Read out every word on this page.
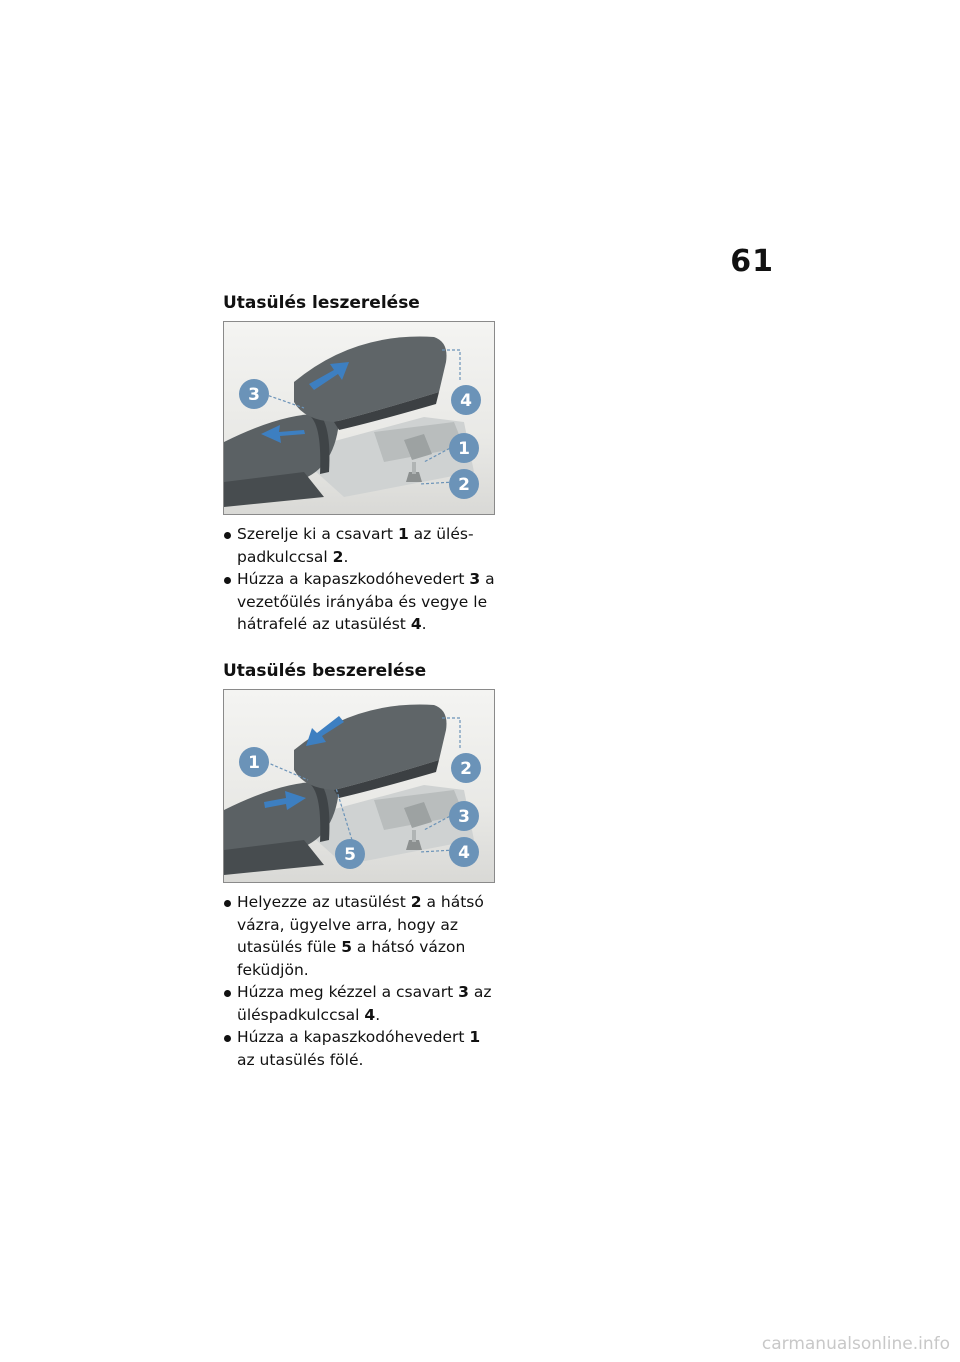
61
Utasülés leszerelése
3	4
1
2
Szerelje ki a csavart 1 az üléspadkulccsal 2.
Húzza a kapaszkodóhevedert 3 a vezetőülés irányába és vegye le hátrafelé az utasülést 4.
Utasülés beszerelése
1	2
3
5	4
Helyezze az utasülést 2 a hátsó vázra, ügyelve arra, hogy az utasülés füle 5 a hátsó vázon feküdjön.
Húzza meg kézzel a csavart 3 az üléspadkulccsal 4.
Húzza a kapaszkodóhevedert 1 az utasülés fölé.
carmanualsonline.info
